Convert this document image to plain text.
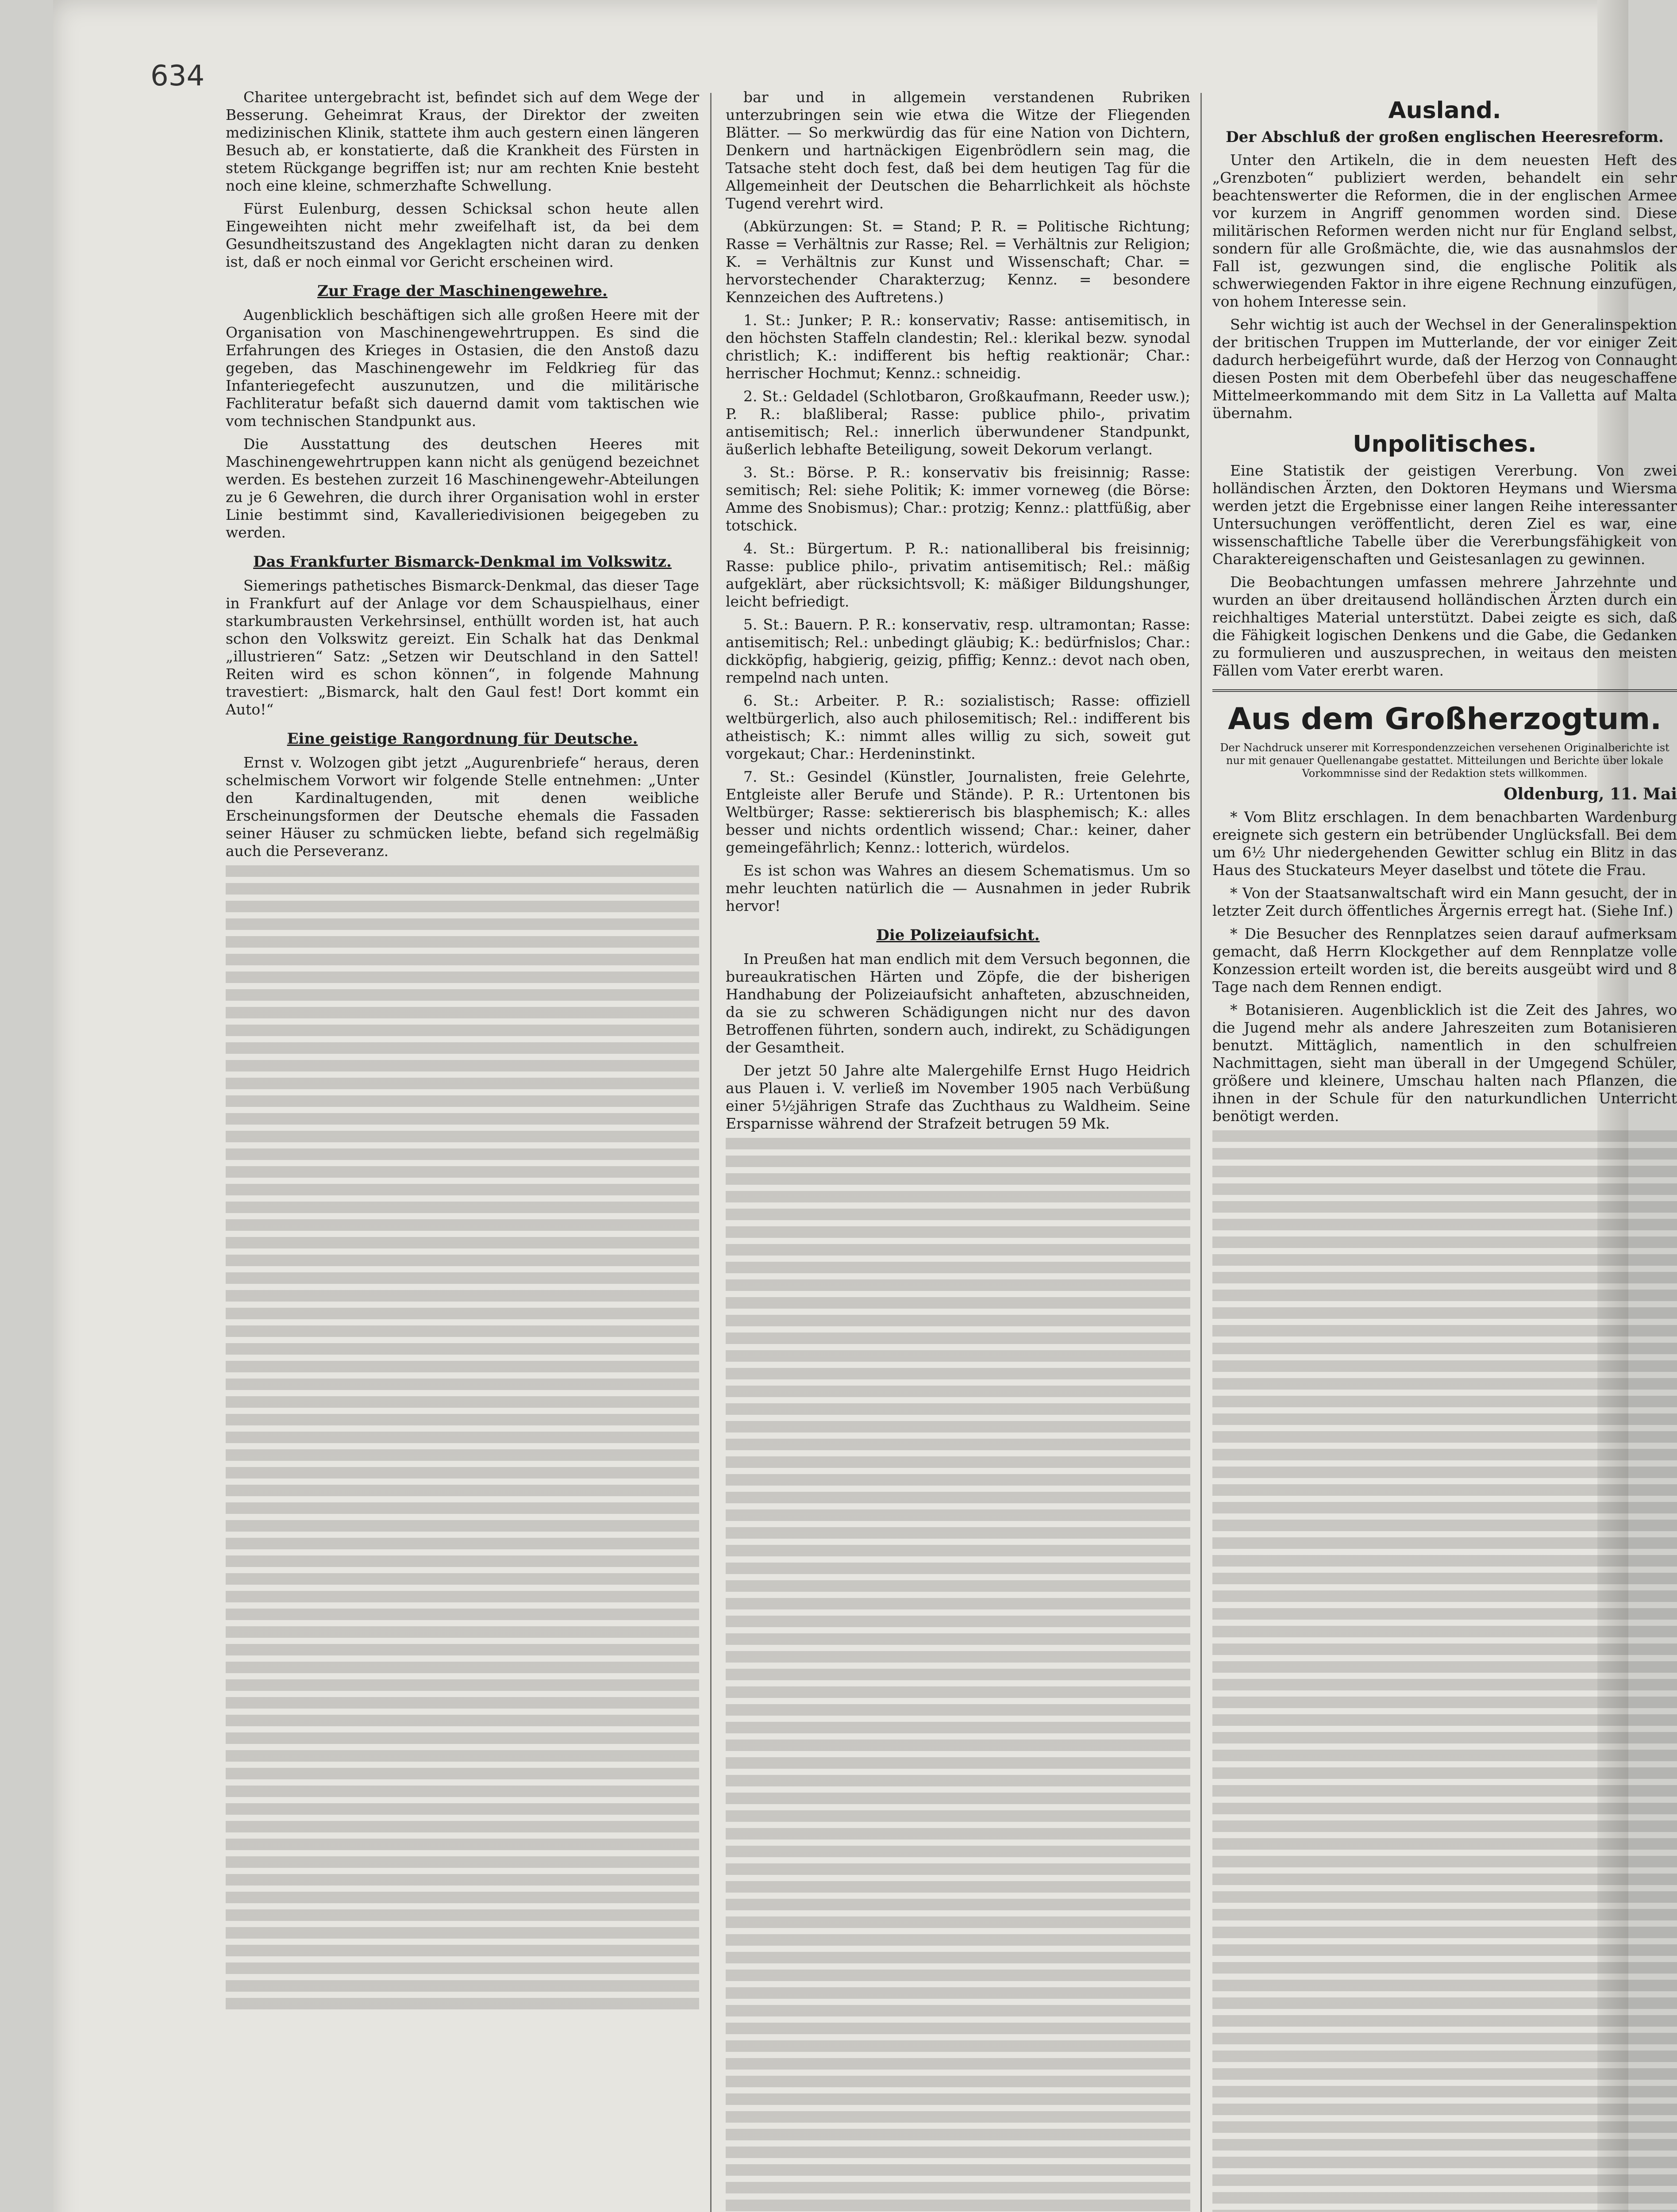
634

Charitee untergebracht ist, befindet sich auf dem Wege der Besserung. Geheimrat Kraus, der Direktor der zweiten medizinischen Klinik, stattete ihm auch gestern einen längeren Besuch ab, er konstatierte, daß die Krankheit des Fürsten in stetem Rückgange begriffen ist; nur am rechten Knie besteht noch eine kleine, schmerzhafte Schwellung.

Fürst Eulenburg, dessen Schicksal schon heute allen Eingeweihten nicht mehr zweifelhaft ist, da bei dem Gesundheitszustand des Angeklagten nicht daran zu denken ist, daß er noch einmal vor Gericht erscheinen wird.

Zur Frage der Maschinengewehre.

Augenblicklich beschäftigen sich alle großen Heere mit der Organisation von Maschinengewehrtruppen. Es sind die Erfahrungen des Krieges in Ostasien, die den Anstoß dazu gegeben, das Maschinengewehr im Feldkrieg für das Infanteriegefecht auszunutzen, und die militärische Fachliteratur befaßt sich dauernd damit vom taktischen wie vom technischen Standpunkt aus.

Die Ausstattung des deutschen Heeres mit Maschinengewehrtruppen kann nicht als genügend bezeichnet werden. Es bestehen zurzeit 16 Maschinengewehr-Abteilungen zu je 6 Gewehren, die durch ihrer Organisation wohl in erster Linie bestimmt sind, Kavalleriedivisionen beigegeben zu werden.

Das Frankfurter Bismarck-Denkmal im Volkswitz.

Siemerings pathetisches Bismarck-Denkmal, das dieser Tage in Frankfurt auf der Anlage vor dem Schauspielhaus, einer starkumbrausten Verkehrsinsel, enthüllt worden ist, hat auch schon den Volkswitz gereizt. Ein Schalk hat das Denkmal „illustrieren“ Satz: „Setzen wir Deutschland in den Sattel! Reiten wird es schon können“, in folgende Mahnung travestiert: „Bismarck, halt den Gaul fest! Dort kommt ein Auto!“

Eine geistige Rangordnung für Deutsche.

Ernst v. Wolzogen gibt jetzt „Augurenbriefe“ heraus, deren schelmischem Vorwort wir folgende Stelle entnehmen: „Unter den Kardinaltugenden, mit denen weibliche Erscheinungsformen der Deutsche ehemals die Fassaden seiner Häuser zu schmücken liebte, befand sich regelmäßig auch die Perseveranz.

bar und in allgemein verstandenen Rubriken unterzubringen sein wie etwa die Witze der Fliegenden Blätter. — So merkwürdig das für eine Nation von Dichtern, Denkern und hartnäckigen Eigenbrödlern sein mag, die Tatsache steht doch fest, daß bei dem heutigen Tag für die Allgemeinheit der Deutschen die Beharrlichkeit als höchste Tugend verehrt wird.

(Abkürzungen: St. = Stand; P. R. = Politische Richtung; Rasse = Verhältnis zur Rasse; Rel. = Verhältnis zur Religion; K. = Verhältnis zur Kunst und Wissenschaft; Char. = hervorstechender Charakterzug; Kennz. = besondere Kennzeichen des Auftretens.)

1. St.: Junker; P. R.: konservativ; Rasse: antisemitisch, in den höchsten Staffeln clandestin; Rel.: klerikal bezw. synodal christlich; K.: indifferent bis heftig reaktionär; Char.: herrischer Hochmut; Kennz.: schneidig.

2. St.: Geldadel (Schlotbaron, Großkaufmann, Reeder usw.); P. R.: blaßliberal; Rasse: publice philo-, privatim antisemitisch; Rel.: innerlich überwundener Standpunkt, äußerlich lebhafte Beteiligung, soweit Dekorum verlangt.

3. St.: Börse. P. R.: konservativ bis freisinnig; Rasse: semitisch; Rel: siehe Politik; K: immer vorneweg (die Börse: Amme des Snobismus); Char.: protzig; Kennz.: plattfüßig, aber totschick.

4. St.: Bürgertum. P. R.: nationalliberal bis freisinnig; Rasse: publice philo-, privatim antisemitisch; Rel.: mäßig aufgeklärt, aber rücksichtsvoll; K: mäßiger Bildungshunger, leicht befriedigt.

5. St.: Bauern. P. R.: konservativ, resp. ultramontan; Rasse: antisemitisch; Rel.: unbedingt gläubig; K.: bedürfnislos; Char.: dickköpfig, habgierig, geizig, pfiffig; Kennz.: devot nach oben, rempelnd nach unten.

6. St.: Arbeiter. P. R.: sozialistisch; Rasse: offiziell weltbürgerlich, also auch philosemitisch; Rel.: indifferent bis atheistisch; K.: nimmt alles willig zu sich, soweit gut vorgekaut; Char.: Herdeninstinkt.

7. St.: Gesindel (Künstler, Journalisten, freie Gelehrte, Entgleiste aller Berufe und Stände). P. R.: Urtentonen bis Weltbürger; Rasse: sektiererisch bis blasphemisch; K.: alles besser und nichts ordentlich wissend; Char.: keiner, daher gemeingefährlich; Kennz.: lotterich, würdelos.

Es ist schon was Wahres an diesem Schematismus. Um so mehr leuchten natürlich die — Ausnahmen in jeder Rubrik hervor!

Die Polizeiaufsicht.

In Preußen hat man endlich mit dem Versuch begonnen, die bureaukratischen Härten und Zöpfe, die der bisherigen Handhabung der Polizeiaufsicht anhafteten, abzuschneiden, da sie zu schweren Schädigungen nicht nur des davon Betroffenen führten, sondern auch, indirekt, zu Schädigungen der Gesamtheit.

Der jetzt 50 Jahre alte Malergehilfe Ernst Hugo Heidrich aus Plauen i. V. verließ im November 1905 nach Verbüßung einer 5½jährigen Strafe das Zuchthaus zu Waldheim. Seine Ersparnisse während der Strafzeit betrugen 59 Mk.

Ausland.
Der Abschluß der großen englischen Heeresreform.

Unter den Artikeln, die in dem neuesten Heft des „Grenzboten“ publiziert werden, behandelt ein sehr beachtenswerter die Reformen, die in der englischen Armee vor kurzem in Angriff genommen worden sind. Diese militärischen Reformen werden nicht nur für England selbst, sondern für alle Großmächte, die, wie das ausnahmslos der Fall ist, gezwungen sind, die englische Politik als schwerwiegenden Faktor in ihre eigene Rechnung einzufügen, von hohem Interesse sein.

Sehr wichtig ist auch der Wechsel in der Generalinspektion der britischen Truppen im Mutterlande, der vor einiger Zeit dadurch herbeigeführt wurde, daß der Herzog von Connaught diesen Posten mit dem Oberbefehl über das neugeschaffene Mittelmeerkommando mit dem Sitz in La Valletta auf Malta übernahm.

Unpolitisches.

Eine Statistik der geistigen Vererbung. Von zwei holländischen Ärzten, den Doktoren Heymans und Wiersma werden jetzt die Ergebnisse einer langen Reihe interessanter Untersuchungen veröffentlicht, deren Ziel es war, eine wissenschaftliche Tabelle über die Vererbungsfähigkeit von Charaktereigenschaften und Geistesanlagen zu gewinnen.

Die Beobachtungen umfassen mehrere Jahrzehnte und wurden an über dreitausend holländischen Ärzten durch ein reichhaltiges Material unterstützt. Dabei zeigte es sich, daß die Fähigkeit logischen Denkens und die Gabe, die Gedanken zu formulieren und auszusprechen, in weitaus den meisten Fällen vom Vater ererbt waren.

Aus dem Großherzogtum.
Der Nachdruck unserer mit Korrespondenzzeichen versehenen Originalberichte ist nur mit genauer Quellenangabe gestattet. Mitteilungen und Berichte über lokale Vorkommnisse sind der Redaktion stets willkommen.
Oldenburg, 11. Mai

* Vom Blitz erschlagen. In dem benachbarten Wardenburg ereignete sich gestern ein betrübender Unglücksfall. Bei dem um 6½ Uhr niedergehenden Gewitter schlug ein Blitz in das Haus des Stuckateurs Meyer daselbst und tötete die Frau.

* Von der Staatsanwaltschaft wird ein Mann gesucht, der in letzter Zeit durch öffentliches Ärgernis erregt hat. (Siehe Inf.)

* Die Besucher des Rennplatzes seien darauf aufmerksam gemacht, daß Herrn Klockgether auf dem Rennplatze volle Konzession erteilt worden ist, die bereits ausgeübt wird und 8 Tage nach dem Rennen endigt.

* Botanisieren. Augenblicklich ist die Zeit des Jahres, wo die Jugend mehr als andere Jahreszeiten zum Botanisieren benutzt. Mittäglich, namentlich in den schulfreien Nachmittagen, sieht man überall in der Umgegend Schüler, größere und kleinere, Umschau halten nach Pflanzen, die ihnen in der Schule für den naturkundlichen Unterricht benötigt werden.
